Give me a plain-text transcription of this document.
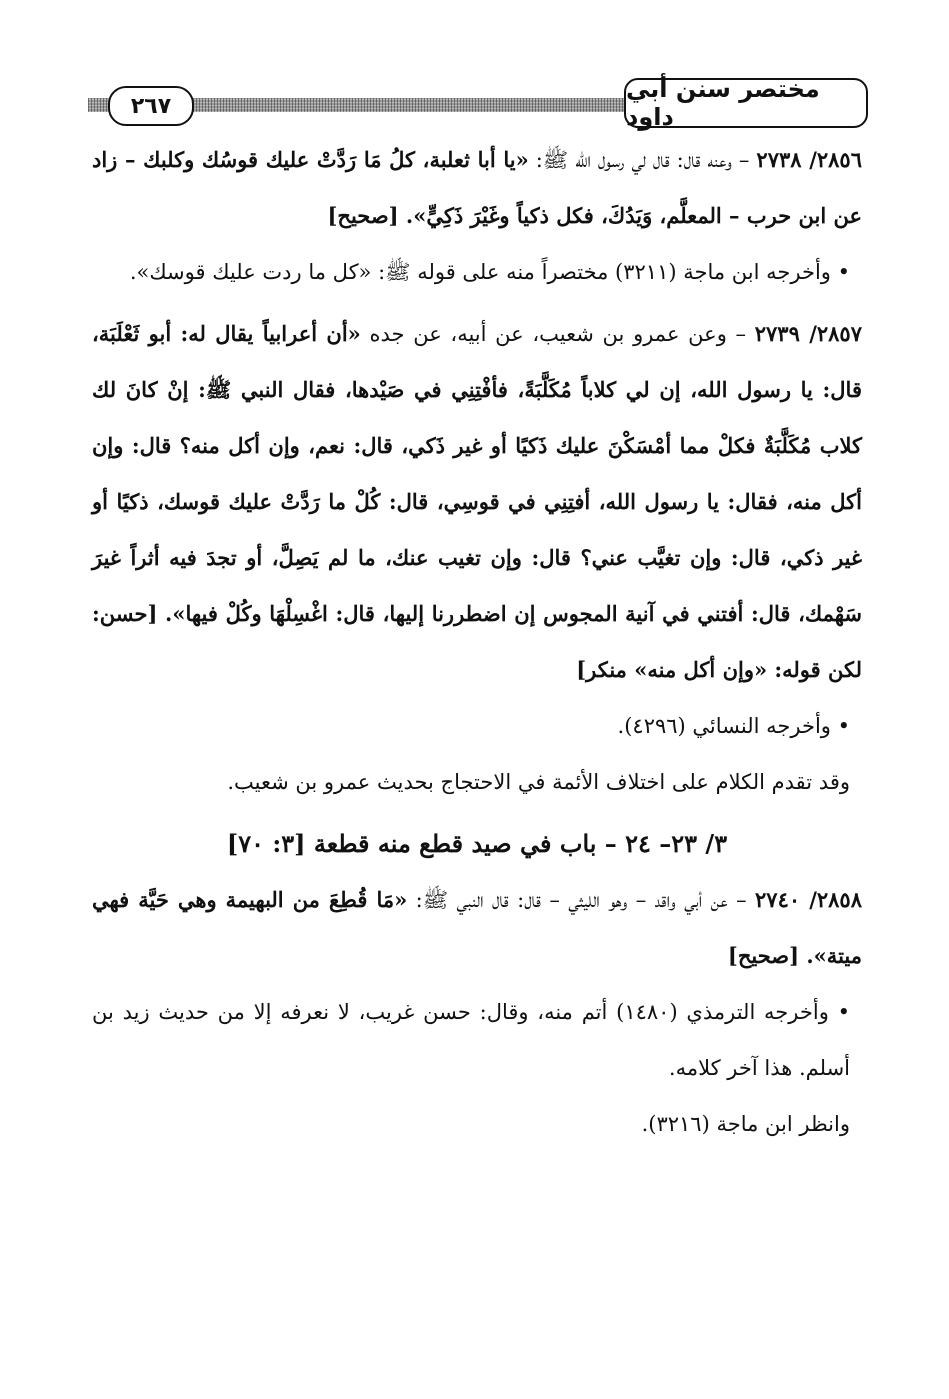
٢٦٧
مختصر سنن أبي داود

٢٨٥٦/ ٢٧٣٨ – وعنه قال: قال لي رسول الله ﷺ: «يا أبا ثعلبة، كلُ مَا رَدَّتْ عليك قوسُك وكلبك – زاد عن ابن حرب – المعلَّم، وَيَدُكَ، فكل ذكياً وغَيْرَ ذَكِيٍّ». [صحيح]

• وأخرجه ابن ماجة (٣٢١١) مختصراً منه على قوله ﷺ: «كل ما ردت عليك قوسك».

٢٨٥٧/ ٢٧٣٩ – وعن عمرو بن شعيب، عن أبيه، عن جده «أن أعرابياً يقال له: أبو ثَعْلَبَة، قال: يا رسول الله، إن لي كلاباً مُكَلَّبَةً، فأفْتِنِي في صَيْدها، فقال النبي ﷺ: إنْ كانَ لك كلاب مُكَلَّبَةٌ فكلْ مما أمْسَكْنَ عليك ذَكيًا أو غير ذَكي، قال: نعم، وإن أكل منه؟ قال: وإن أكل منه، فقال: يا رسول الله، أفتِنِي في قوسِي، قال: كُلْ ما رَدَّتْ عليك قوسك، ذكيًا أو غير ذكي، قال: وإن تغيَّب عني؟ قال: وإن تغيب عنك، ما لم يَصِلَّ، أو تجدَ فيه أثراً غيرَ سَهْمك، قال: أفتني في آنية المجوس إن اضطررنا إليها، قال: اغْسِلْهَا وكُلْ فيها». [حسن: لكن قوله: «وإن أكل منه» منكر]

• وأخرجه النسائي (٤٢٩٦).

وقد تقدم الكلام على اختلاف الأئمة في الاحتجاج بحديث عمرو بن شعيب.

٣/ ٢٣– ٢٤ – باب في صيد قطع منه قطعة [٣: ٧٠]

٢٨٥٨/ ٢٧٤٠ – عن أبي واقد – وهو الليثي – قال: قال النبي ﷺ: «مَا قُطِعَ من البهيمة وهي حَيَّة فهي ميتة». [صحيح]

• وأخرجه الترمذي (١٤٨٠) أتم منه، وقال: حسن غريب، لا نعرفه إلا من حديث زيد بن أسلم. هذا آخر كلامه.

وانظر ابن ماجة (٣٢١٦).
